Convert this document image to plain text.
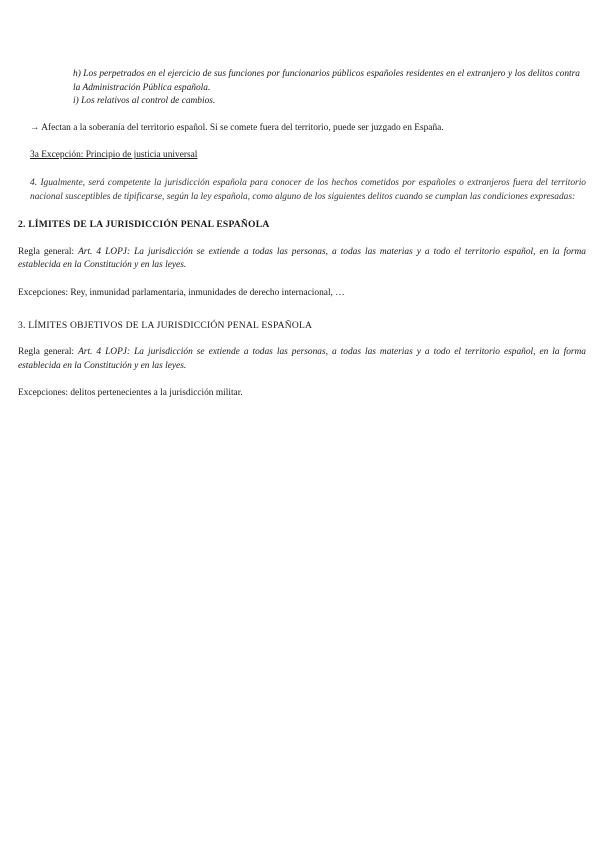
h) Los perpetrados en el ejercicio de sus funciones por funcionarios públicos españoles residentes en el extranjero y los delitos contra la Administración Pública española.

i) Los relativos al control de cambios.

→ Afectan a la soberanía del territorio español. Si se comete fuera del territorio, puede ser juzgado en España.

3a Excepción: Principio de justicia universal

4. Igualmente, será competente la jurisdicción española para conocer de los hechos cometidos por españoles o extranjeros fuera del territorio nacional susceptibles de tipificarse, según la ley española, como alguno de los siguientes delitos cuando se cumplan las condiciones expresadas:

2. LÍMITES DE LA JURISDICCIÓN PENAL ESPAÑOLA

Regla general: Art. 4 LOPJ: La jurisdicción se extiende a todas las personas, a todas las materias y a todo el territorio español, en la forma establecida en la Constitución y en las leyes.

Excepciones: Rey, inmunidad parlamentaria, inmunidades de derecho internacional, …

3. LÍMITES OBJETIVOS DE LA JURISDICCIÓN PENAL ESPAÑOLA

Regla general: Art. 4 LOPJ: La jurisdicción se extiende a todas las personas, a todas las materias y a todo el territorio español, en la forma establecida en la Constitución y en las leyes.

Excepciones: delitos pertenecientes a la jurisdicción militar.
